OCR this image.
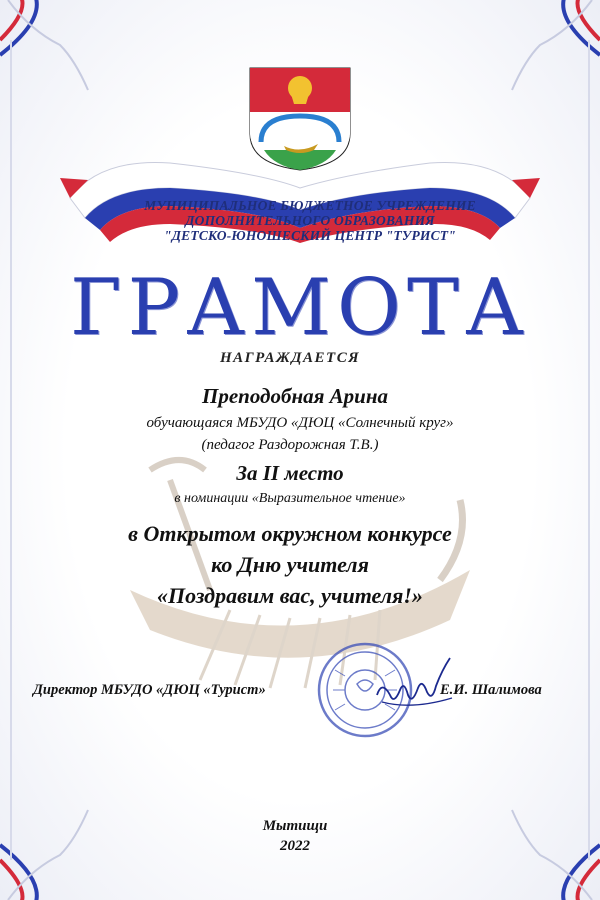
МУНИЦИПАЛЬНОЕ БЮДЖЕТНОЕ УЧРЕЖДЕНИЕ
ДОПОЛНИТЕЛЬНОГО ОБРАЗОВАНИЯ
"ДЕТСКО-ЮНОШЕСКИЙ ЦЕНТР "ТУРИСТ"
ГРАМОТА
НАГРАЖДАЕТСЯ
Преподобная Арина
обучающаяся МБУДО «ДЮЦ «Солнечный круг»
(педагог Раздорожная Т.В.)
За II место
в номинации «Выразительное чтение»
в Открытом окружном конкурсе
ко Дню учителя
«Поздравим вас, учителя!»
Директор МБУДО «ДЮЦ «Турист»	Е.И. Шалимова
Мытищи
2022
